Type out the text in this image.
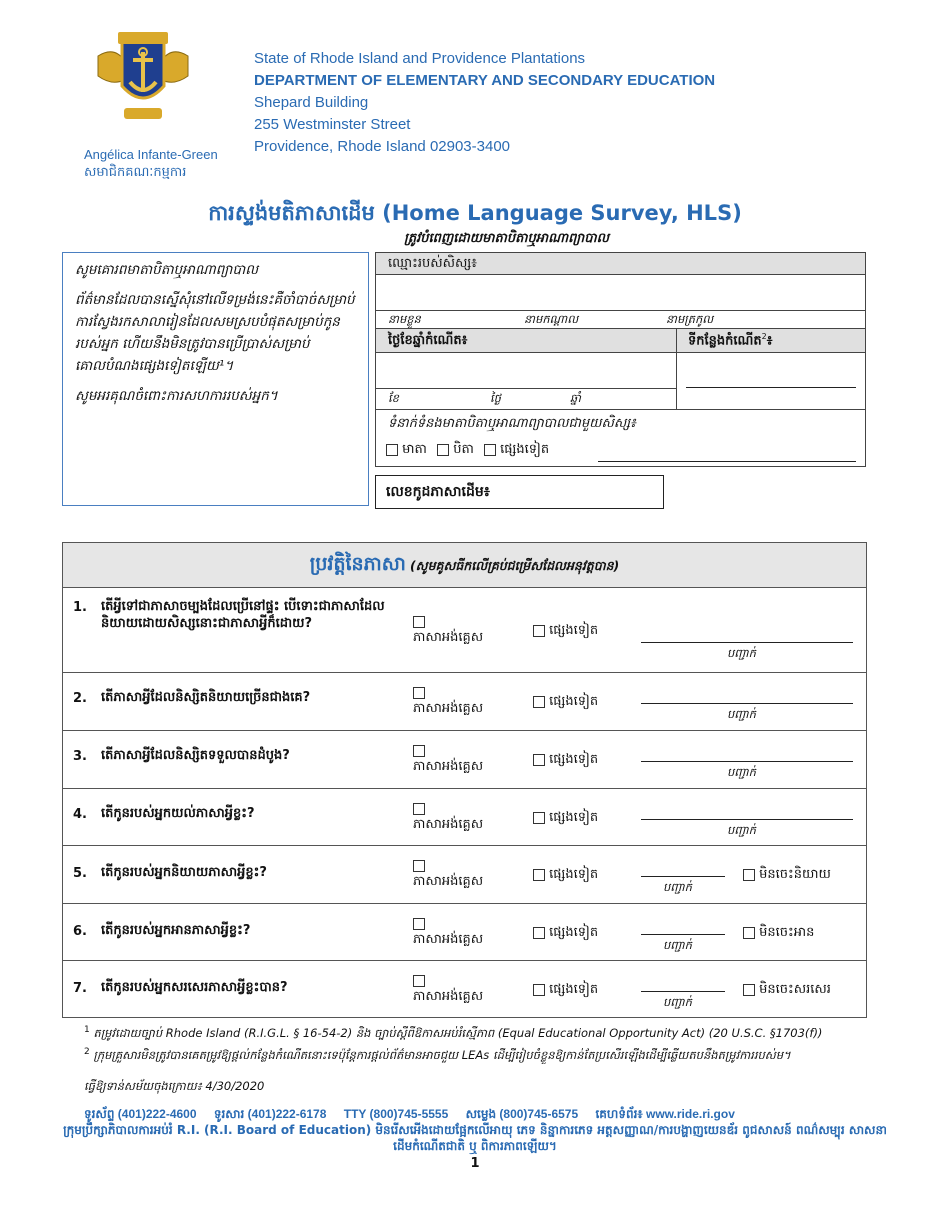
Angélica Infante-Green
សមាជិកគណៈកម្មការ
State of Rhode Island and Providence Plantations
DEPARTMENT OF ELEMENTARY AND SECONDARY EDUCATION
Shepard Building
255 Westminster Street
Providence, Rhode Island 02903-3400
ការស្ទង់មតិភាសាដើម (Home Language Survey, HLS)
ត្រូវបំពេញដោយមាតាបិតាឬអាណាព្យាបាល

សូមគោរពមាតាបិតាឬអាណាព្យាបាល

ព័ត៌មានដែលបានស្នើសុំនៅលើទម្រង់នេះគឺចាំបាច់សម្រាប់ការស្វែងរកសាលារៀនដែលសមស្របបំផុតសម្រាប់កូនរបស់អ្នក ហើយនឹងមិនត្រូវបានប្រើប្រាស់សម្រាប់គោលបំណងផ្សេងទៀតឡើយ¹។

សូមអរគុណចំពោះការសហការរបស់អ្នក។

ឈ្មោះរបស់សិស្ស៖
នាមខ្លួន	នាមកណ្ដាល	នាមត្រកូល
ថ្ងៃខែឆ្នាំកំណើត៖	ទីកន្លែងកំណើត$^2$៖
ខែ	ថ្ងៃ	ឆ្នាំ
ទំនាក់ទំនងមាតាបិតាឬអាណាព្យាបាលជាមួយសិស្ស៖
មាតា បិតា ផ្សេងទៀត
លេខកូដភាសាដើម៖
ប្រវត្តិនៃភាសា (សូមគូសធីកលើគ្រប់ជម្រើសដែលអនុវត្តបាន)
1. តើអ្វីទៅជាភាសាចម្បងដែលប្រើនៅផ្ទះ បើទោះជាភាសាដែលនិយាយដោយសិស្សនោះជាភាសាអ្វីក៏ដោយ?

ភាសាអង់គ្លេស	ផ្សេងទៀត
បញ្ជាក់
2. តើភាសាអ្វីដែលនិស្សិតនិយាយច្រើនជាងគេ?

ភាសាអង់គ្លេស	ផ្សេងទៀត
បញ្ជាក់
3. តើភាសាអ្វីដែលនិស្សិតទទួលបានដំបូង?

ភាសាអង់គ្លេស	ផ្សេងទៀត
បញ្ជាក់
4. តើកូនរបស់អ្នកយល់ភាសាអ្វីខ្លះ?

ភាសាអង់គ្លេស	ផ្សេងទៀត
បញ្ជាក់
5. តើកូនរបស់អ្នកនិយាយភាសាអ្វីខ្លះ?

ភាសាអង់គ្លេស	ផ្សេងទៀត
បញ្ជាក់
មិនចេះនិយាយ
6. តើកូនរបស់អ្នកអានភាសាអ្វីខ្លះ?

ភាសាអង់គ្លេស	ផ្សេងទៀត
បញ្ជាក់
មិនចេះអាន
7. តើកូនរបស់អ្នកសរសេរភាសាអ្វីខ្លះបាន?

ភាសាអង់គ្លេស	ផ្សេងទៀត
បញ្ជាក់
មិនចេះសរសេរ
$^1$ តម្រូវដោយច្បាប់ Rhode Island (R.I.G.L. § 16-54-2) និង ច្បាប់ស្ដីពីឱកាសអប់រំស្មើភាព (Equal Educational Opportunity Act) (20 U.S.C. §1703(f))
$^2$ ក្រុមគ្រួសារមិនត្រូវបានគេតម្រូវឱ្យផ្ដល់កន្លែងកំណើតនោះទេប៉ុន្តែការផ្ដល់ព័ត៌មានអាចជួយ LEAs ដើម្បីរៀបចំខ្លួនឱ្យកាន់តែប្រសើរឡើងដើម្បីឆ្លើយតបនឹងតម្រូវការរបស់ម។
ធ្វើឱ្យទាន់សម័យចុងក្រោយ៖ 4/30/2020
ទូរស័ព្ទ (401)222-4600 ទូរសារ (401)222-6178 TTY (800)745-5555 សម្លេង (800)745-6575 គេហទំព័រ៖ www.ride.ri.gov
ក្រុមប្រឹក្សាភិបាលការអប់រំ R.I. (R.I. Board of Education) មិនរើសអើងដោយផ្អែកលើអាយុ ភេទ និន្នាការភេទ អត្តសញ្ញាណ/ការបង្ហាញយេនឌ័រ ពូជសាសន៍ ពណ៌សម្បុរ សាសនា ដើមកំណើតជាតិ ឬ ពិការភាពឡើយ។
1
